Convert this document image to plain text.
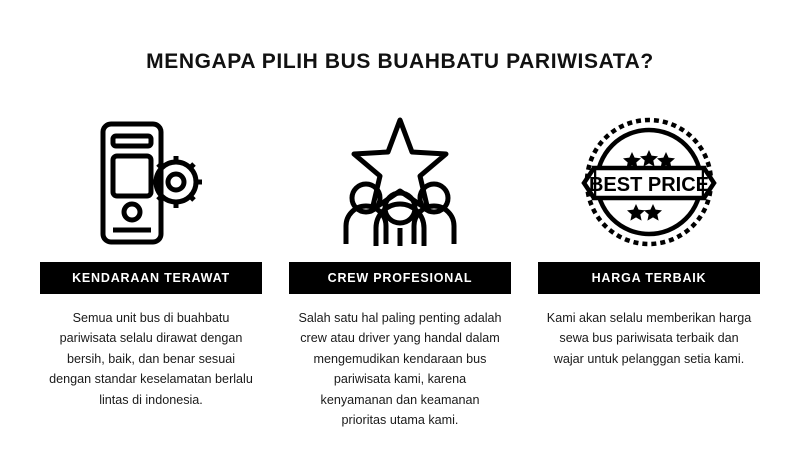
MENGAPA PILIH BUS BUAHBATU PARIWISATA?
KENDARAAN TERAWAT
Semua unit bus di buahbatu pariwisata selalu dirawat dengan bersih, baik, dan benar sesuai dengan standar keselamatan berlalu lintas di indonesia.
CREW PROFESIONAL
Salah satu hal paling penting adalah crew atau driver yang handal dalam mengemudikan kendaraan bus pariwisata kami, karena kenyamanan dan keamanan prioritas utama kami.
BEST PRICE
HARGA TERBAIK
Kami akan selalu memberikan harga sewa bus pariwisata terbaik dan wajar untuk pelanggan setia kami.
